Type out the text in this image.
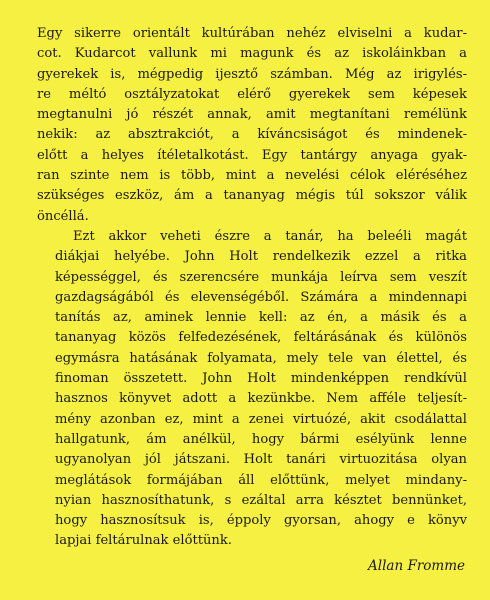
Egy sikerre orientált kultúrában nehéz elviselni a kudar-
cot. Kudarcot vallunk mi magunk és az iskoláinkban a
gyerekek is, mégpedig ijesztő számban. Még az irigylés-
re méltó osztályzatokat elérő gyerekek sem képesek
megtanulni jó részét annak, amit megtanítani remélünk
nekik: az absztrakciót, a kíváncsiságot és mindenek-
előtt a helyes ítéletalkotást. Egy tantárgy anyaga gyak-
ran szinte nem is több, mint a nevelési célok eléréséhez
szükséges eszköz, ám a tananyag mégis túl sokszor válik
öncéllá.

Ezt akkor veheti észre a tanár, ha beleéli magát
diákjai helyébe. John Holt rendelkezik ezzel a ritka
képességgel, és szerencsére munkája leírva sem veszít
gazdagságából és elevenségéből. Számára a mindennapi
tanítás az, aminek lennie kell: az én, a másik és a
tananyag közös felfedezésének, feltárásának és különös
egymásra hatásának folyamata, mely tele van élettel, és
finoman összetett. John Holt mindenképpen rendkívül
hasznos könyvet adott a kezünkbe. Nem afféle teljesít-
mény azonban ez, mint a zenei virtuózé, akit csodálattal
hallgatunk, ám anélkül, hogy bármi esélyünk lenne
ugyanolyan jól játszani. Holt tanári virtuozitása olyan
meglátások formájában áll előttünk, melyet mindany-
nyian hasznosíthatunk, s ezáltal arra késztet bennünket,
hogy hasznosítsuk is, éppoly gyorsan, ahogy e könyv
lapjai feltárulnak előttünk.

Allan Fromme
